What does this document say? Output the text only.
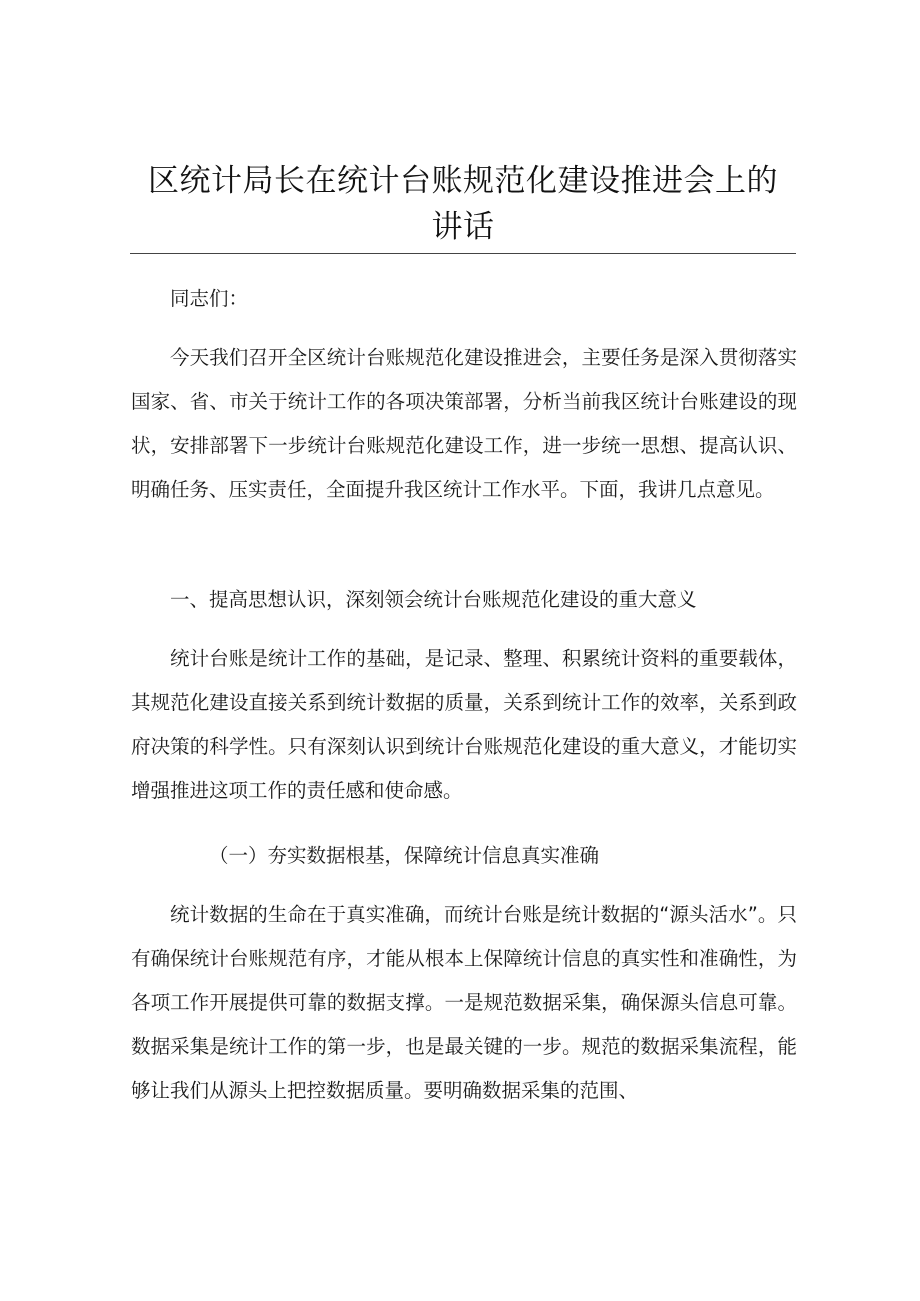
区统计局长在统计台账规范化建设推进会上的
讲话

同志们：

今天我们召开全区统计台账规范化建设推进会，主要任务是深入贯彻落实国家、省、市关于统计工作的各项决策部署，分析当前我区统计台账建设的现状，安排部署下一步统计台账规范化建设工作，进一步统一思想、提高认识、明确任务、压实责任，全面提升我区统计工作水平。下面，我讲几点意见。

一、提高思想认识，深刻领会统计台账规范化建设的重大意义

统计台账是统计工作的基础，是记录、整理、积累统计资料的重要载体，其规范化建设直接关系到统计数据的质量，关系到统计工作的效率，关系到政府决策的科学性。只有深刻认识到统计台账规范化建设的重大意义，才能切实增强推进这项工作的责任感和使命感。

（一）夯实数据根基，保障统计信息真实准确

统计数据的生命在于真实准确，而统计台账是统计数据的“源头活水”。只有确保统计台账规范有序，才能从根本上保障统计信息的真实性和准确性，为各项工作开展提供可靠的数据支撑。一是规范数据采集，确保源头信息可靠。数据采集是统计工作的第一步，也是最关键的一步。规范的数据采集流程，能够让我们从源头上把控数据质量。要明确数据采集的范围、
